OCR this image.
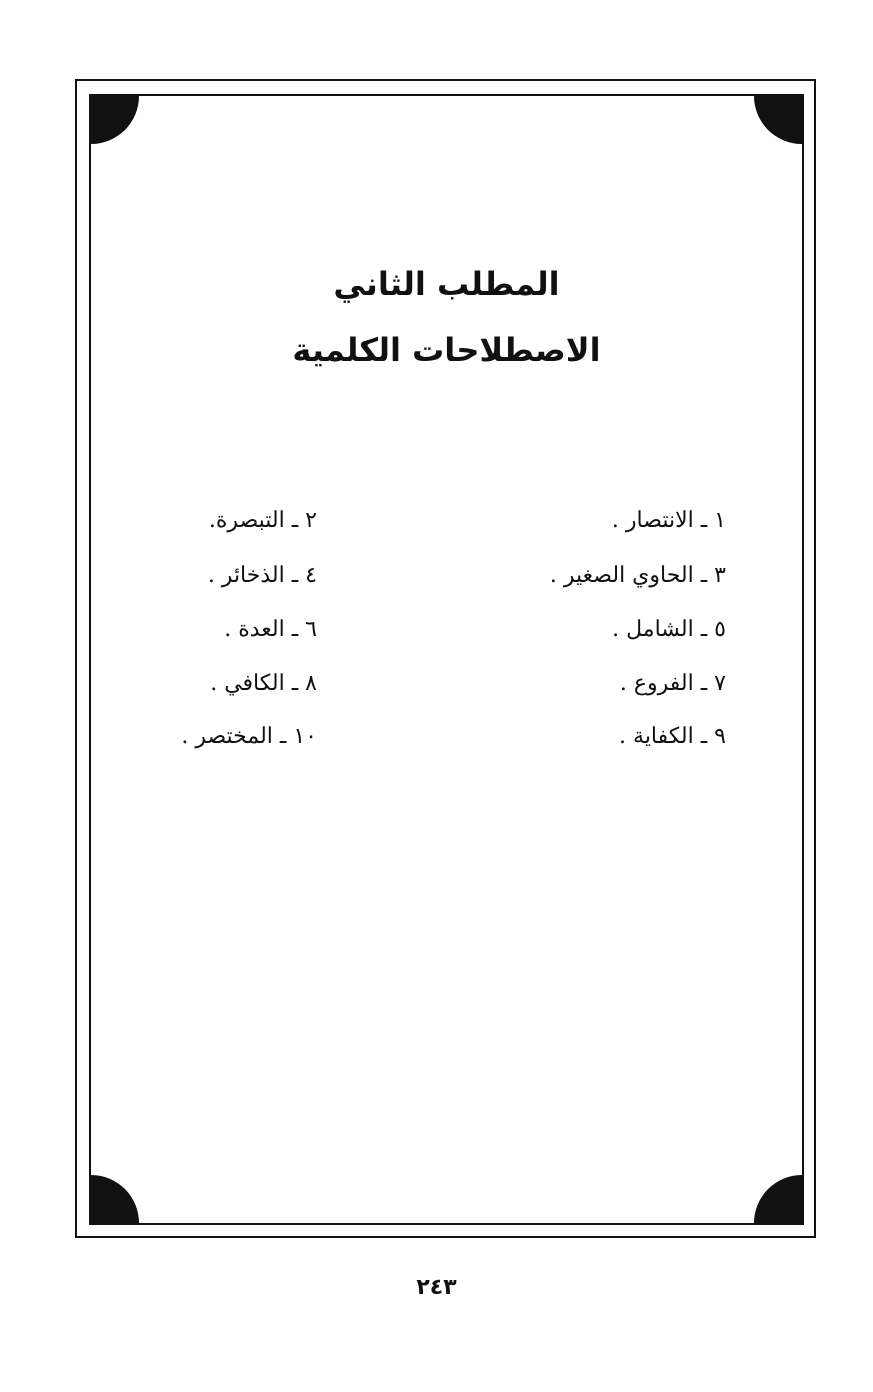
المطلب الثاني
الاصطلاحات الكلمية
١ ـ الانتصار .
٢ ـ التبصرة.
٣ ـ الحاوي الصغير .
٤ ـ الذخائر .
٥ ـ الشامل .
٦ ـ العدة .
٧ ـ الفروع .
٨ ـ الكافي .
٩ ـ الكفاية .
١٠ ـ المختصر .
٢٤٣
